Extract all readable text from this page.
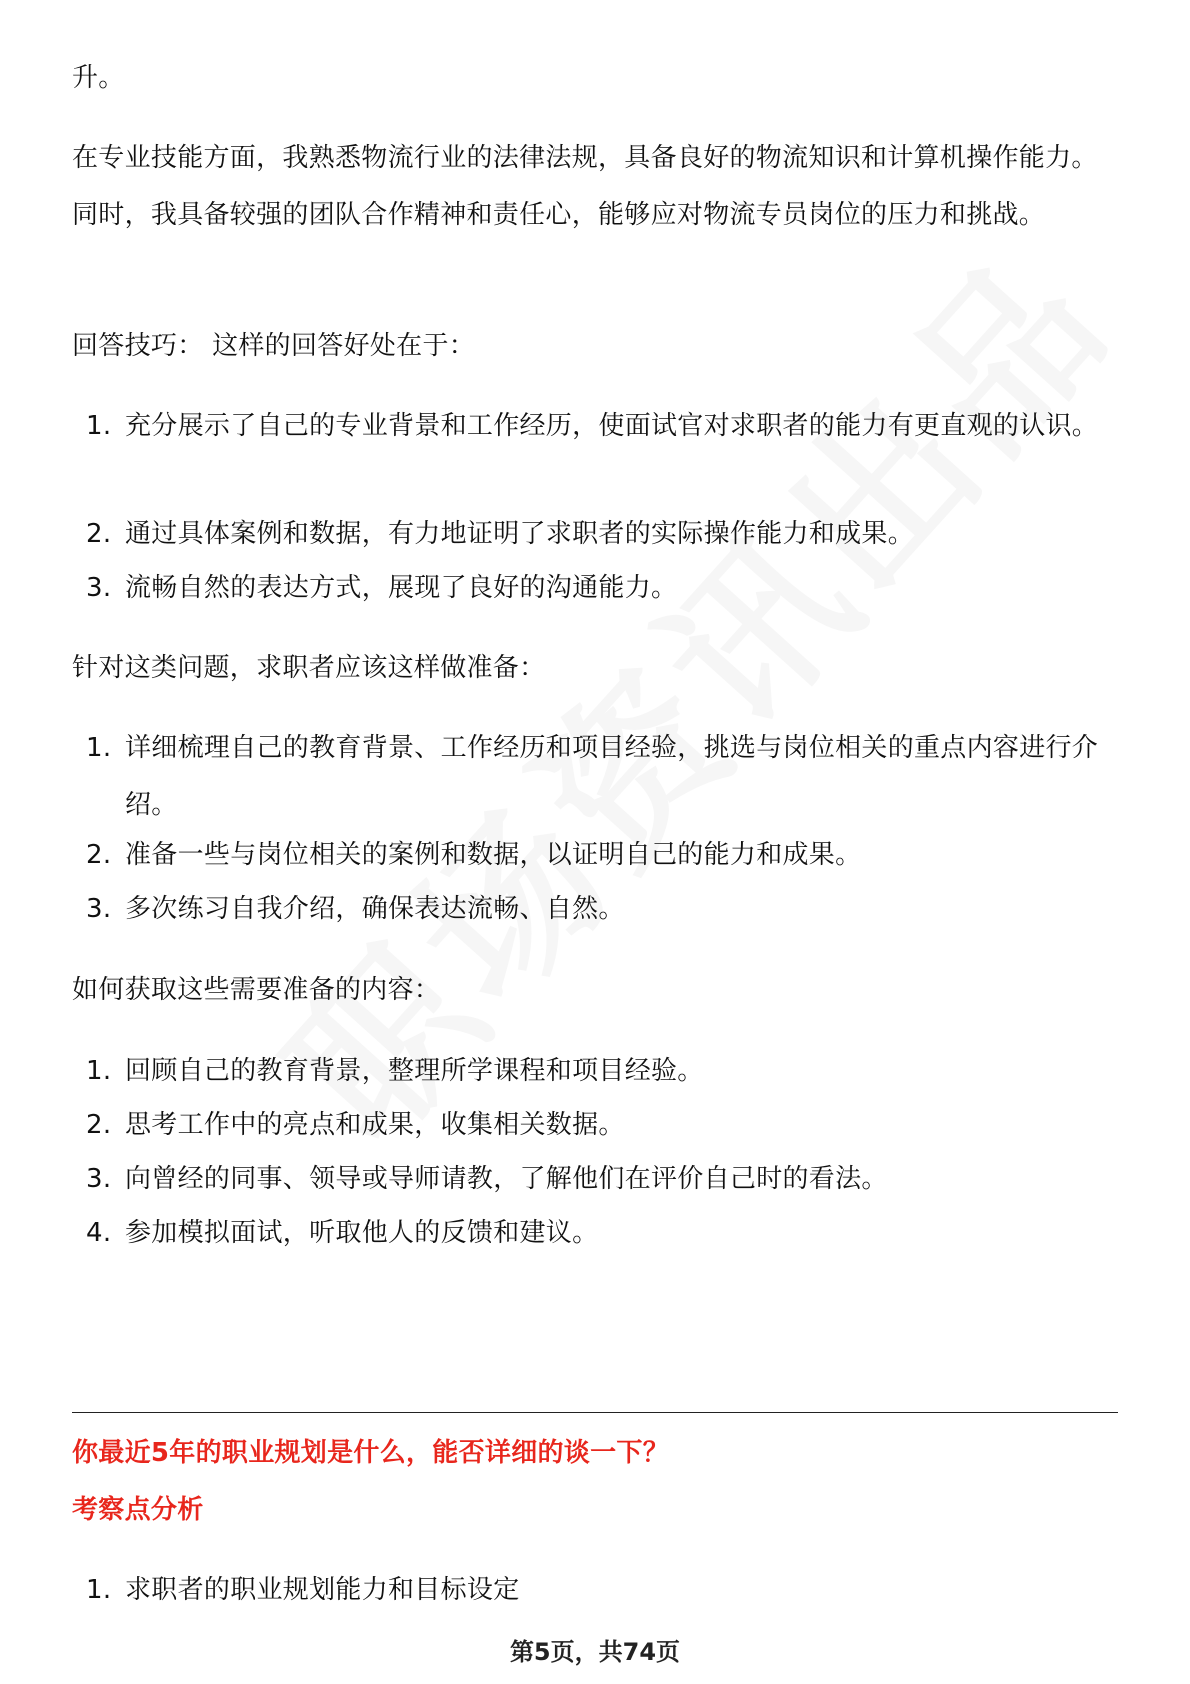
升。

在专业技能方面，我熟悉物流行业的法律法规，具备良好的物流知识和计算机操作能力。同时，我具备较强的团队合作精神和责任心，能够应对物流专员岗位的压力和挑战。

回答技巧： 这样的回答好处在于：

1. 充分展示了自己的专业背景和工作经历，使面试官对求职者的能力有更直观的认识。
2. 通过具体案例和数据，有力地证明了求职者的实际操作能力和成果。
3. 流畅自然的表达方式，展现了良好的沟通能力。

针对这类问题，求职者应该这样做准备：

1. 详细梳理自己的教育背景、工作经历和项目经验，挑选与岗位相关的重点内容进行介绍。
2. 准备一些与岗位相关的案例和数据，以证明自己的能力和成果。
3. 多次练习自我介绍，确保表达流畅、自然。

如何获取这些需要准备的内容：

1. 回顾自己的教育背景，整理所学课程和项目经验。
2. 思考工作中的亮点和成果，收集相关数据。
3. 向曾经的同事、领导或导师请教，了解他们在评价自己时的看法。
4. 参加模拟面试，听取他人的反馈和建议。

你最近5年的职业规划是什么，能否详细的谈一下？

考察点分析

1. 求职者的职业规划能力和目标设定
第5页，共74页
